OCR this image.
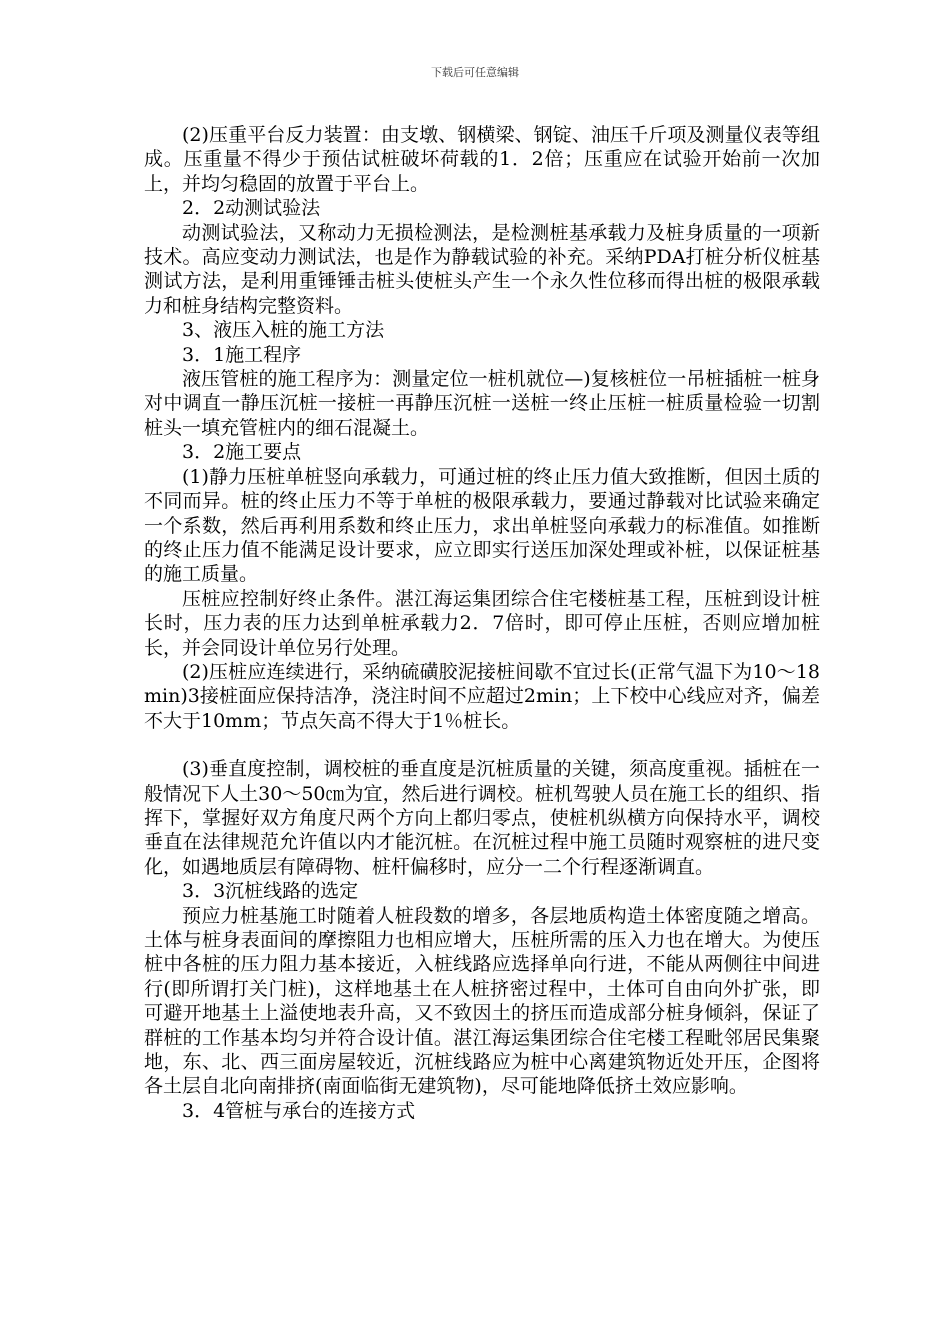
下载后可任意编辑

(2)压重平台反力装置：由支墩、钢横梁、钢锭、油压千斤项及测量仪表等组成。压重量不得少于预估试桩破坏荷载的1．2倍；压重应在试验开始前一次加上，并均匀稳固的放置于平台上。

2．2动测试验法

动测试验法，又称动力无损检测法，是检测桩基承载力及桩身质量的一项新技术。高应变动力测试法，也是作为静载试验的补充。采纳PDA打桩分析仪桩基测试方法，是利用重锤锤击桩头使桩头产生一个永久性位移而得出桩的极限承载力和桩身结构完整资料。

3、液压入桩的施工方法

3．1施工程序

液压管桩的施工程序为：测量定位一桩机就位—)复核桩位一吊桩插桩一桩身对中调直一静压沉桩一接桩一再静压沉桩一送桩一终止压桩一桩质量检验一切割桩头一填充管桩内的细石混凝土。

3．2施工要点

(1)静力压桩单桩竖向承载力，可通过桩的终止压力值大致推断，但因土质的不同而异。桩的终止压力不等于单桩的极限承载力，要通过静载对比试验来确定一个系数，然后再利用系数和终止压力，求出单桩竖向承载力的标准值。如推断的终止压力值不能满足设计要求，应立即实行送压加深处理或补桩，以保证桩基的施工质量。

压桩应控制好终止条件。湛江海运集团综合住宅楼桩基工程，压桩到设计桩长时，压力表的压力达到单桩承载力2．7倍时，即可停止压桩，否则应增加桩长，并会同设计单位另行处理。

(2)压桩应连续进行，采纳硫磺胶泥接桩间歇不宜过长(正常气温下为10～18min)3接桩面应保持洁净，浇注时间不应超过2min；上下校中心线应对齐，偏差不大于10mm；节点矢高不得大于1％桩长。

(3)垂直度控制，调校桩的垂直度是沉桩质量的关键，须高度重视。插桩在一般情况下人土30～50㎝为宜，然后进行调校。桩机驾驶人员在施工长的组织、指挥下，掌握好双方角度尺两个方向上都归零点，使桩机纵横方向保持水平，调校垂直在法律规范允许值以内才能沉桩。在沉桩过程中施工员随时观察桩的进尺变化，如遇地质层有障碍物、桩杆偏移时，应分一二个行程逐渐调直。

3．3沉桩线路的选定

预应力桩基施工时随着人桩段数的增多，各层地质构造土体密度随之增高。土体与桩身表面间的摩擦阻力也相应增大，压桩所需的压入力也在增大。为使压桩中各桩的压力阻力基本接近，入桩线路应选择单向行进，不能从两侧往中间进行(即所谓打关门桩)，这样地基土在人桩挤密过程中，土体可自由向外扩张，即可避开地基土上溢使地表升高，又不致因土的挤压而造成部分桩身倾斜，保证了群桩的工作基本均匀并符合设计值。湛江海运集团综合住宅楼工程毗邻居民集聚地，东、北、西三面房屋较近，沉桩线路应为桩中心离建筑物近处开压，企图将各土层自北向南排挤(南面临街无建筑物)，尽可能地降低挤土效应影响。

3．4管桩与承台的连接方式
